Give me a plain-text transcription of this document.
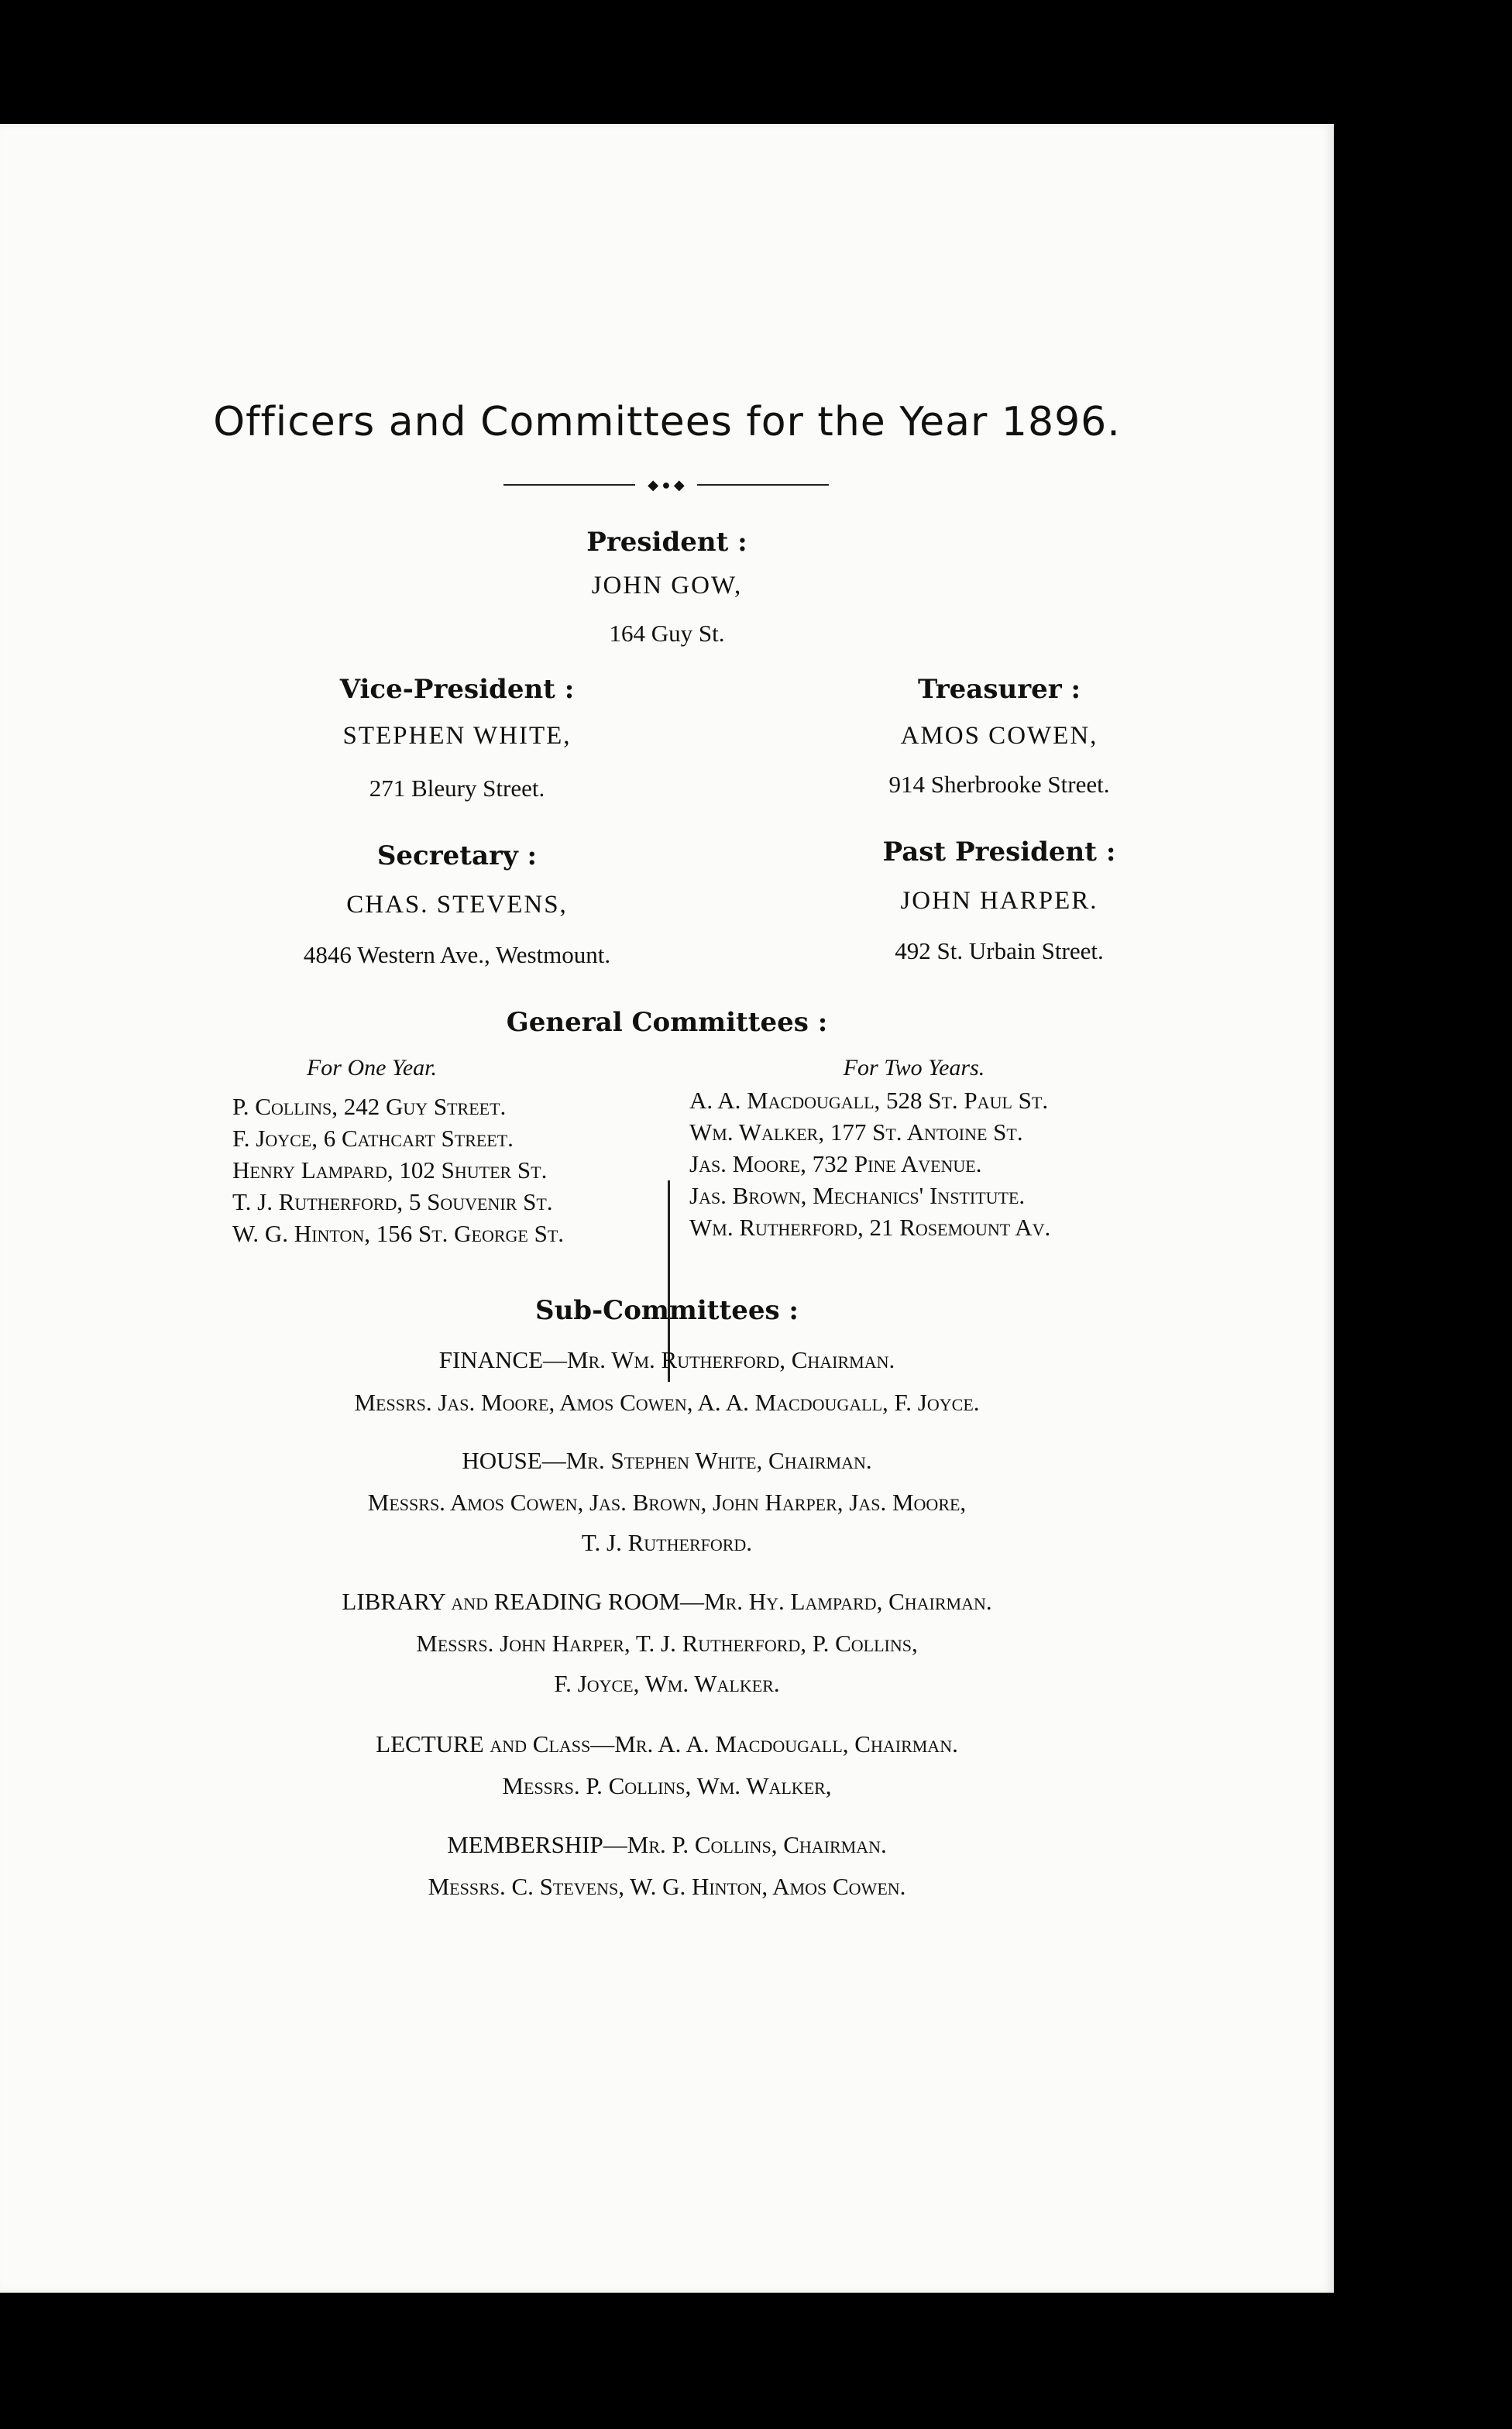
Officers and Committees for the Year 1896.
◆ ● ◆
President :
JOHN GOW,
164 Guy St.
Vice-President :
STEPHEN WHITE,
271 Bleury Street.
Treasurer :
AMOS COWEN,
914 Sherbrooke Street.
Secretary :
CHAS. STEVENS,
4846 Western Ave., Westmount.
Past President :
JOHN HARPER.
492 St. Urbain Street.
General Committees :
For One Year.	For Two Years.
P. Collins, 242 Guy Street.
F. Joyce, 6 Cathcart Street.
Henry Lampard, 102 Shuter St.
T. J. Rutherford, 5 Souvenir St.
W. G. Hinton, 156 St. George St.
A. A. Macdougall, 528 St. Paul St.
Wm. Walker, 177 St. Antoine St.
Jas. Moore, 732 Pine Avenue.
Jas. Brown, Mechanics' Institute.
Wm. Rutherford, 21 Rosemount Av.
Sub-Committees :
FINANCE—Mr. Wm. Rutherford, Chairman.
Messrs. Jas. Moore, Amos Cowen, A. A. Macdougall, F. Joyce.
HOUSE—Mr. Stephen White, Chairman.
Messrs. Amos Cowen, Jas. Brown, John Harper, Jas. Moore,
T. J. Rutherford.
LIBRARY and READING ROOM—Mr. Hy. Lampard, Chairman.
Messrs. John Harper, T. J. Rutherford, P. Collins,
F. Joyce, Wm. Walker.
LECTURE and Class—Mr. A. A. Macdougall, Chairman.
Messrs. P. Collins, Wm. Walker,
MEMBERSHIP—Mr. P. Collins, Chairman.
Messrs. C. Stevens, W. G. Hinton, Amos Cowen.
